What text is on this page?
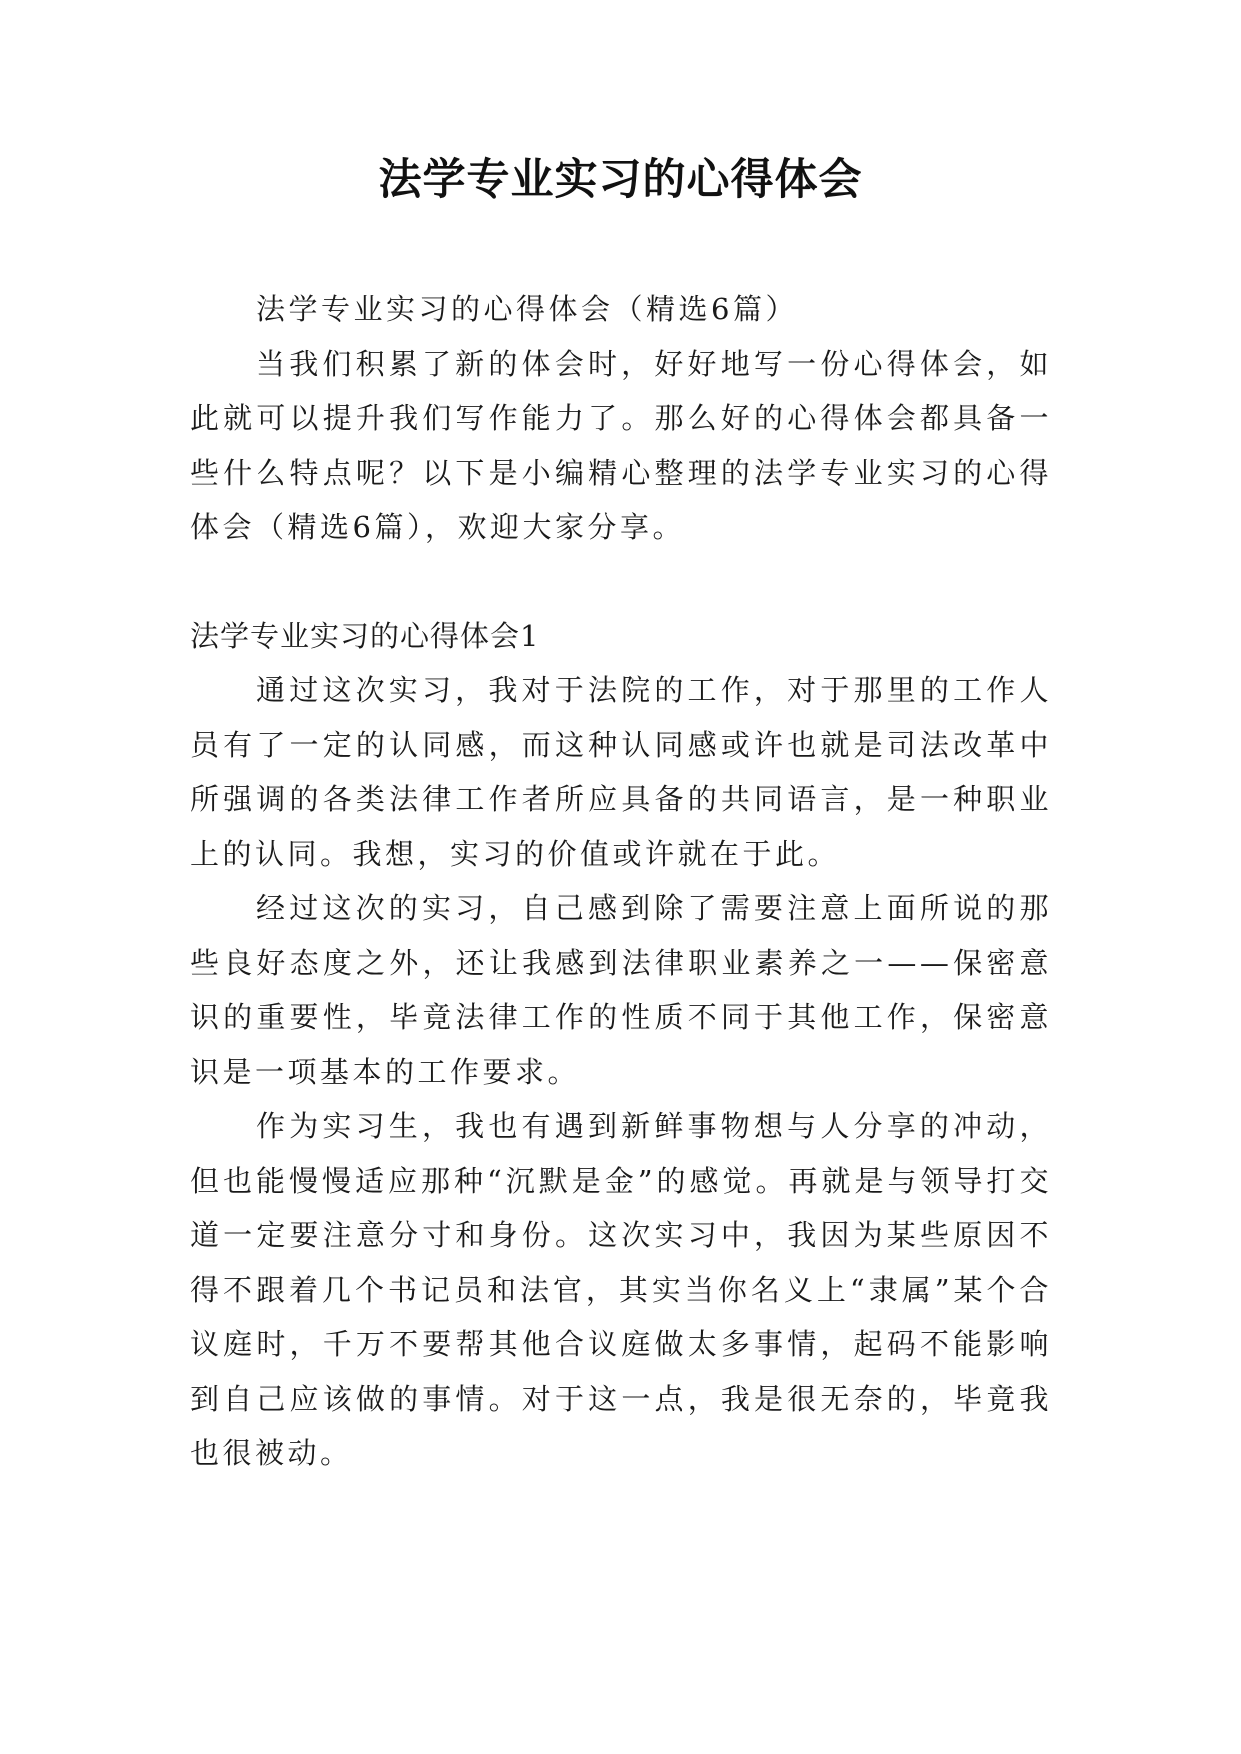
法学专业实习的心得体会

法学专业实习的心得体会（精选6篇）

当我们积累了新的体会时，好好地写一份心得体会，如此就可以提升我们写作能力了。那么好的心得体会都具备一些什么特点呢？以下是小编精心整理的法学专业实习的心得体会（精选6篇），欢迎大家分享。

法学专业实习的心得体会1

通过这次实习，我对于法院的工作，对于那里的工作人员有了一定的认同感，而这种认同感或许也就是司法改革中所强调的各类法律工作者所应具备的共同语言，是一种职业上的认同。我想，实习的价值或许就在于此。

经过这次的实习，自己感到除了需要注意上面所说的那些良好态度之外，还让我感到法律职业素养之一——保密意识的重要性，毕竟法律工作的性质不同于其他工作，保密意识是一项基本的工作要求。

作为实习生，我也有遇到新鲜事物想与人分享的冲动，但也能慢慢适应那种“沉默是金”的感觉。再就是与领导打交道一定要注意分寸和身份。这次实习中，我因为某些原因不得不跟着几个书记员和法官，其实当你名义上“隶属”某个合议庭时，千万不要帮其他合议庭做太多事情，起码不能影响到自己应该做的事情。对于这一点，我是很无奈的，毕竟我也很被动。
